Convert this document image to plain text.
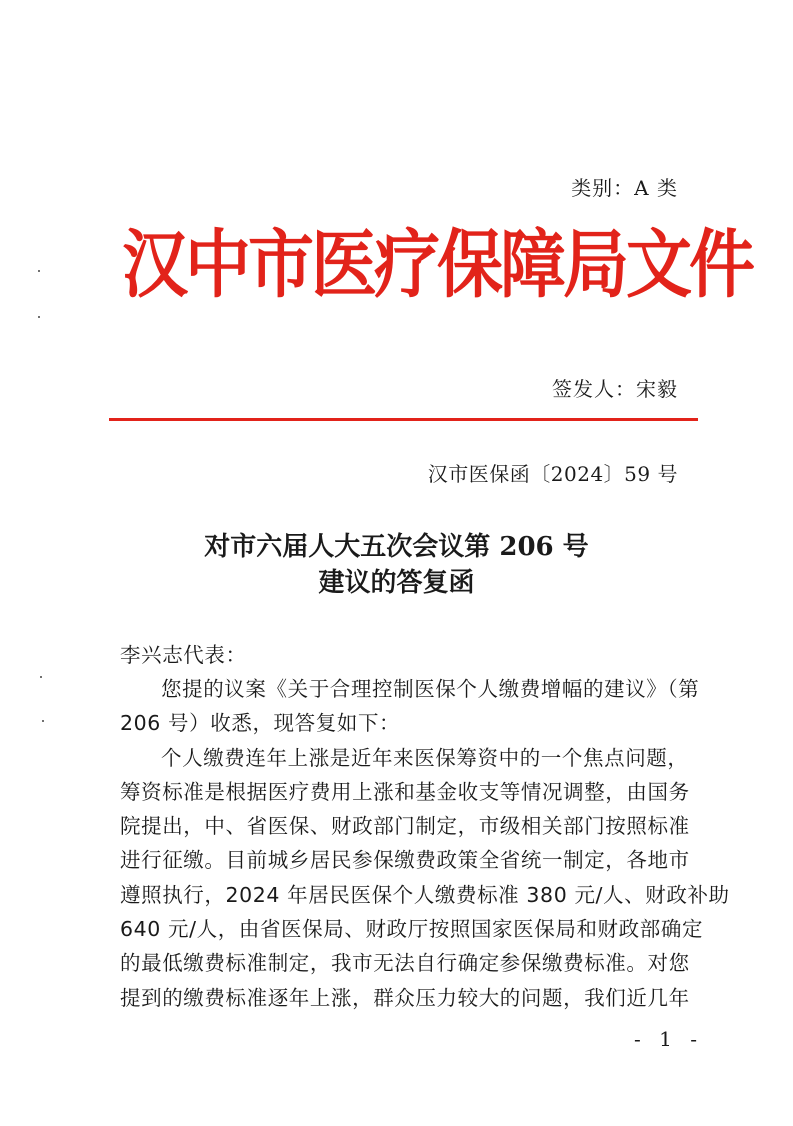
类别：A 类
汉中市医疗保障局文件
签发人：宋毅
汉市医保函〔2024〕59 号
对市六届人大五次会议第 206 号
建议的答复函
李兴志代表：
您提的议案《关于合理控制医保个人缴费增幅的建议》（第
206 号）收悉，现答复如下：
个人缴费连年上涨是近年来医保筹资中的一个焦点问题，
筹资标准是根据医疗费用上涨和基金收支等情况调整，由国务
院提出，中、省医保、财政部门制定，市级相关部门按照标准
进行征缴。目前城乡居民参保缴费政策全省统一制定，各地市
遵照执行，2024 年居民医保个人缴费标准 380 元/人、财政补助
640 元/人，由省医保局、财政厅按照国家医保局和财政部确定
的最低缴费标准制定，我市无法自行确定参保缴费标准。对您
提到的缴费标准逐年上涨，群众压力较大的问题，我们近几年
- 1 -
